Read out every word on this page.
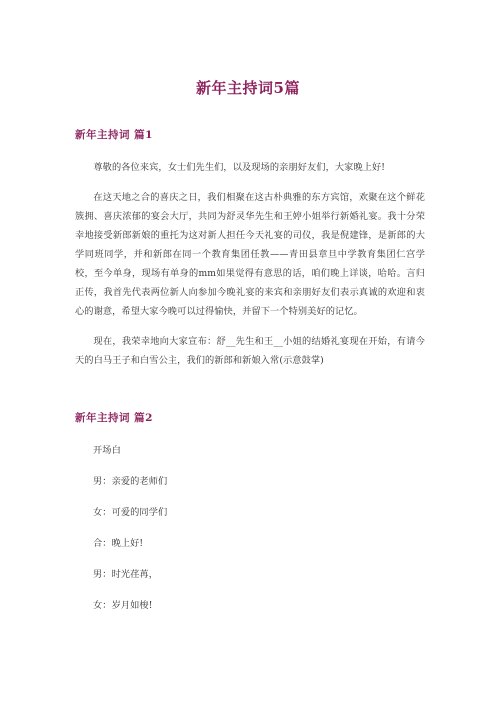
新年主持词5篇
新年主持词 篇1
尊敬的各位来宾，女士们先生们，以及现场的亲朋好友们，大家晚上好!
在这天地之合的喜庆之日，我们相聚在这古朴典雅的东方宾馆，欢聚在这个鲜花簇拥、喜庆浓郁的宴会大厅，共同为舒灵华先生和王婷小姐举行新婚礼宴。我十分荣幸地接受新郎新娘的重托为这对新人担任今天礼宴的司仪，我是倪建锋，是新郎的大学同班同学，并和新郎在同一个教育集团任教——青田县章旦中学教育集团仁宫学校，至今单身，现场有单身的mm如果觉得有意思的话，咱们晚上详谈，哈哈。言归正传，我首先代表两位新人向参加今晚礼宴的来宾和亲朋好友们表示真诚的欢迎和衷心的谢意，希望大家今晚可以过得愉快，并留下一个特别美好的记忆。
现在，我荣幸地向大家宣布：舒__先生和王__小姐的结婚礼宴现在开始，有请今天的白马王子和白雪公主，我们的新郎和新娘入常(示意鼓掌)
新年主持词 篇2
开场白
男：亲爱的老师们
女：可爱的同学们
合：晚上好!
男：时光荏苒，
女：岁月如梭!
